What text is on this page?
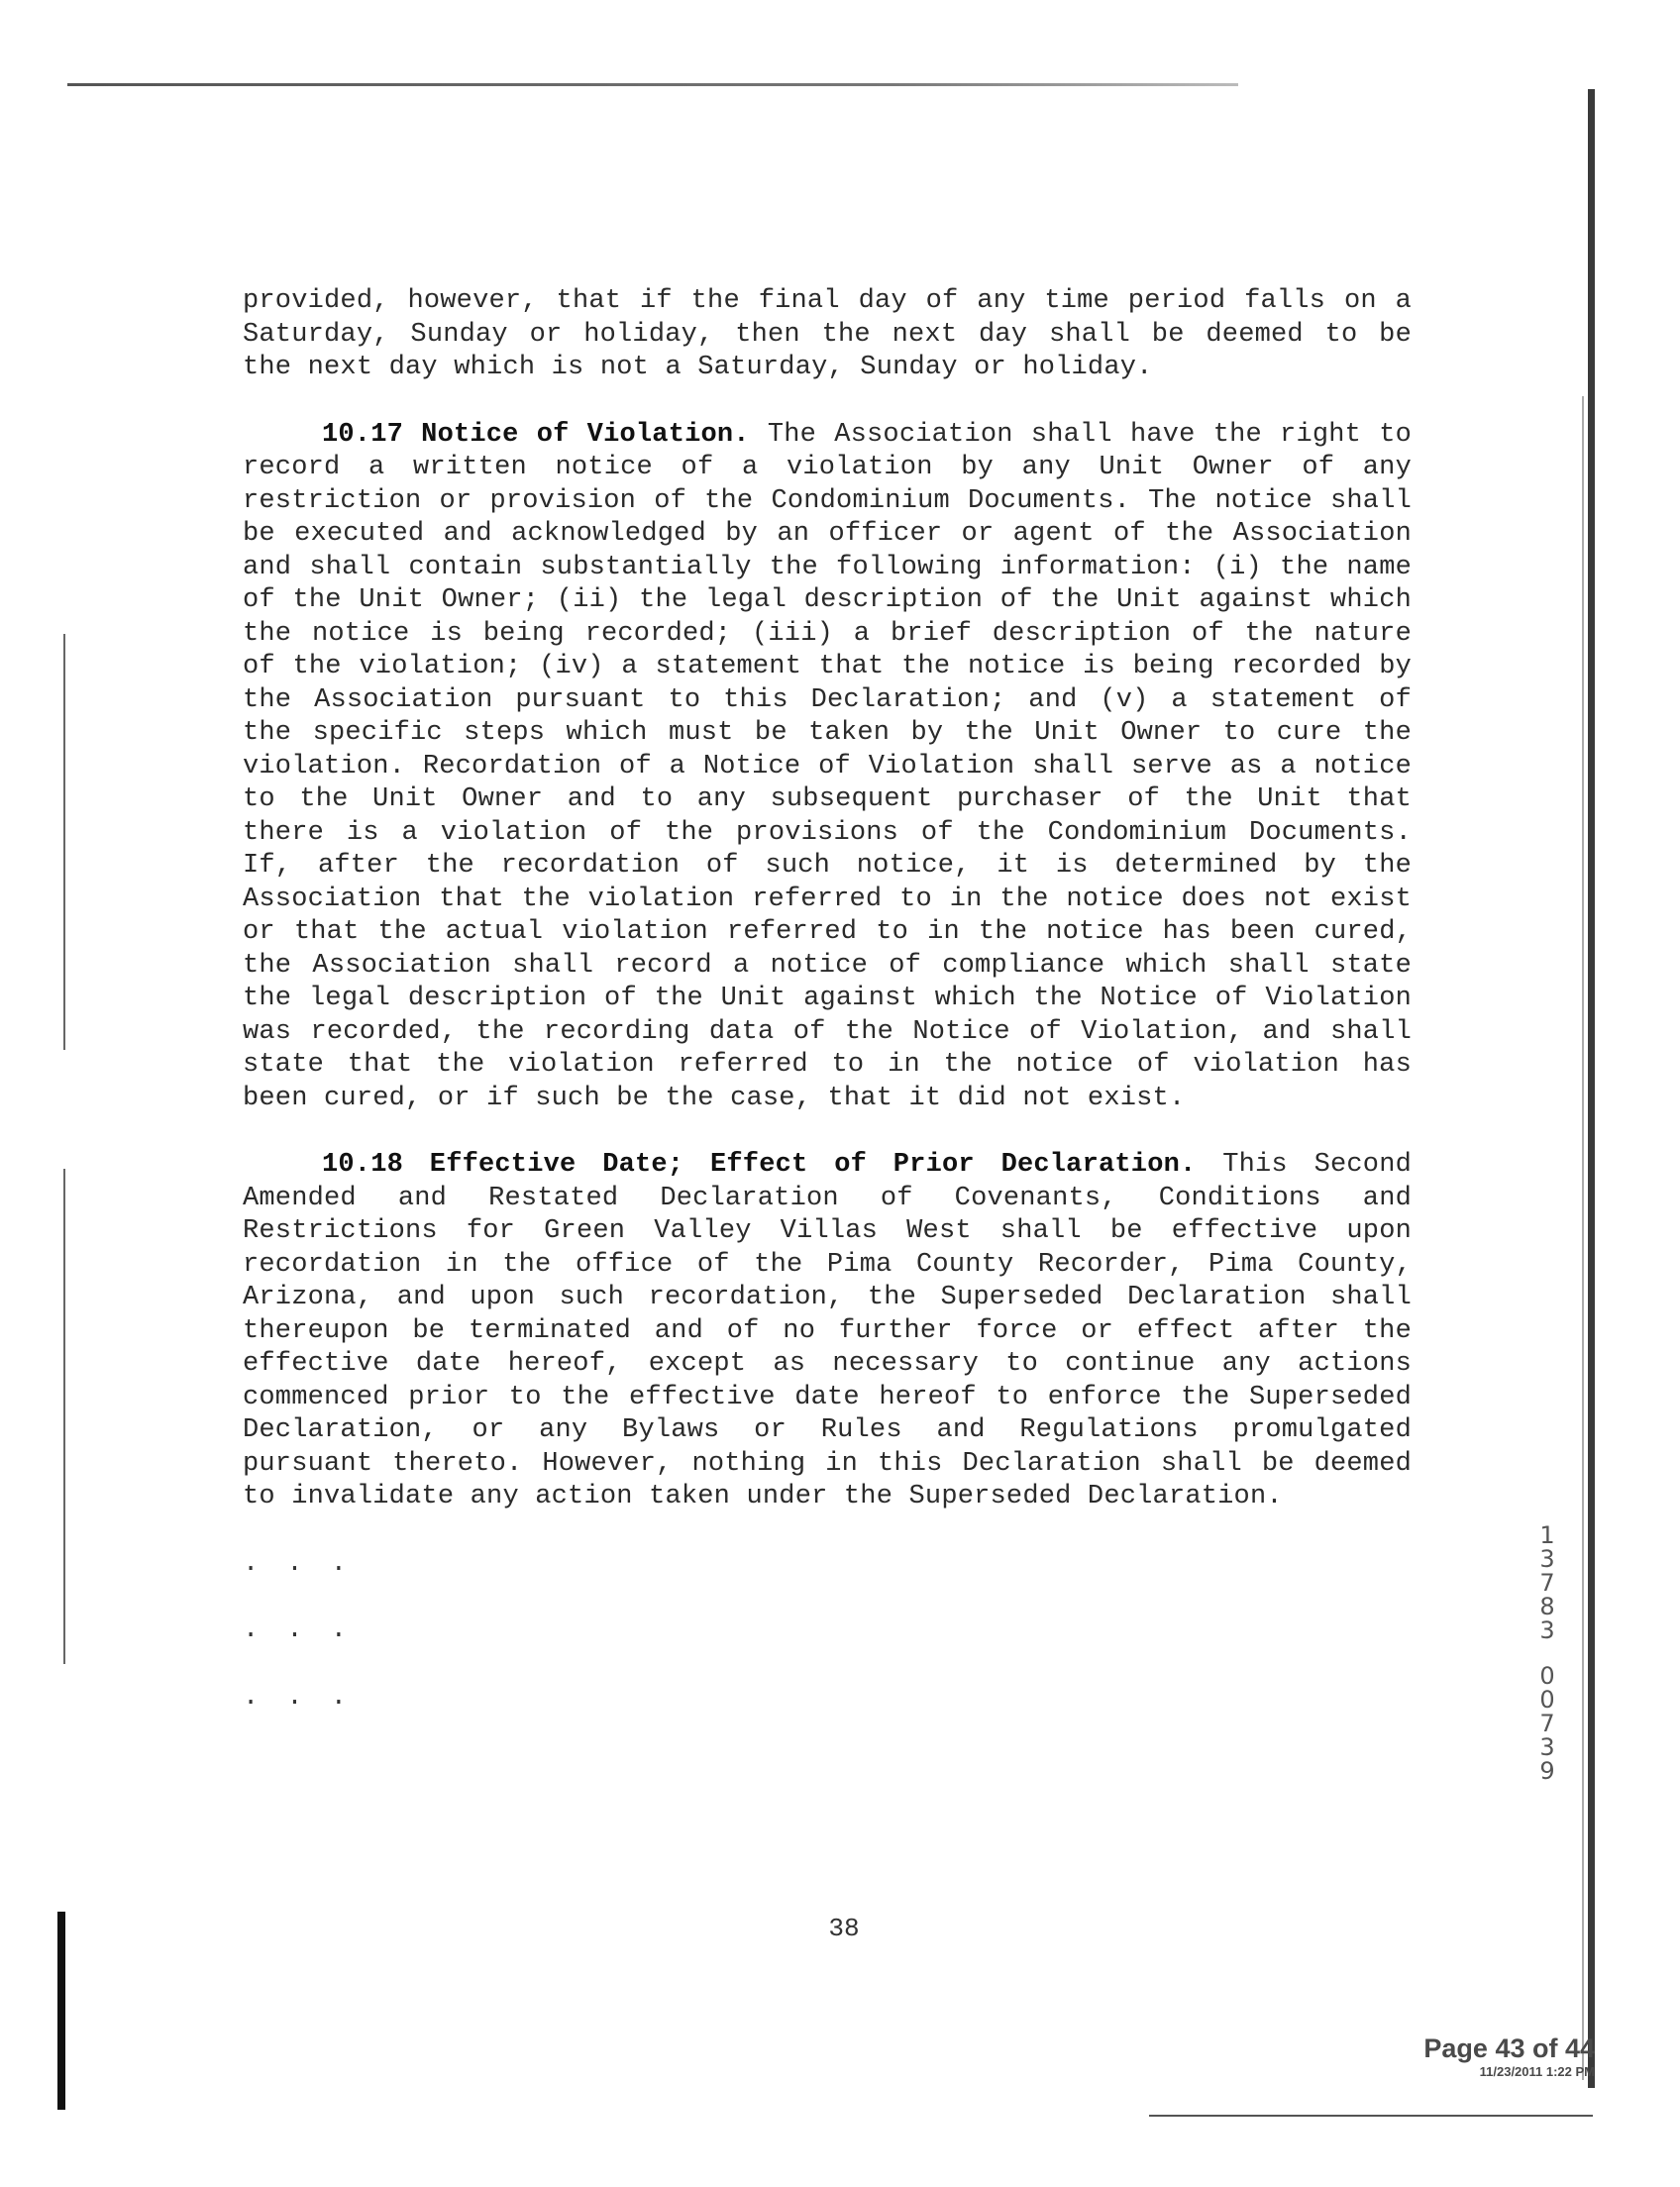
provided, however, that if the final day of any time period falls on a Saturday, Sunday or holiday, then the next day shall be deemed to be the next day which is not a Saturday, Sunday or holiday.

10.17 Notice of Violation. The Association shall have the right to record a written notice of a violation by any Unit Owner of any restriction or provision of the Condominium Documents. The notice shall be executed and acknowledged by an officer or agent of the Association and shall contain substantially the following information: (i) the name of the Unit Owner; (ii) the legal description of the Unit against which the notice is being recorded; (iii) a brief description of the nature of the violation; (iv) a statement that the notice is being recorded by the Association pursuant to this Declaration; and (v) a statement of the specific steps which must be taken by the Unit Owner to cure the violation. Recordation of a Notice of Violation shall serve as a notice to the Unit Owner and to any subsequent purchaser of the Unit that there is a violation of the provisions of the Condominium Documents. If, after the recordation of such notice, it is determined by the Association that the violation referred to in the notice does not exist or that the actual violation referred to in the notice has been cured, the Association shall record a notice of compliance which shall state the legal description of the Unit against which the Notice of Violation was recorded, the recording data of the Notice of Violation, and shall state that the violation referred to in the notice of violation has been cured, or if such be the case, that it did not exist.

10.18 Effective Date; Effect of Prior Declaration. This Second Amended and Restated Declaration of Covenants, Conditions and Restrictions for Green Valley Villas West shall be effective upon recordation in the office of the Pima County Recorder, Pima County, Arizona, and upon such recordation, the Superseded Declaration shall thereupon be terminated and of no further force or effect after the effective date hereof, except as necessary to continue any actions commenced prior to the effective date hereof to enforce the Superseded Declaration, or any Bylaws or Rules and Regulations promulgated pursuant thereto. However, nothing in this Declaration shall be deemed to invalidate any action taken under the Superseded Declaration.

. . .
. . .
. . .
38
13783
00739
Page 43 of 44
11/23/2011 1:22 PM
